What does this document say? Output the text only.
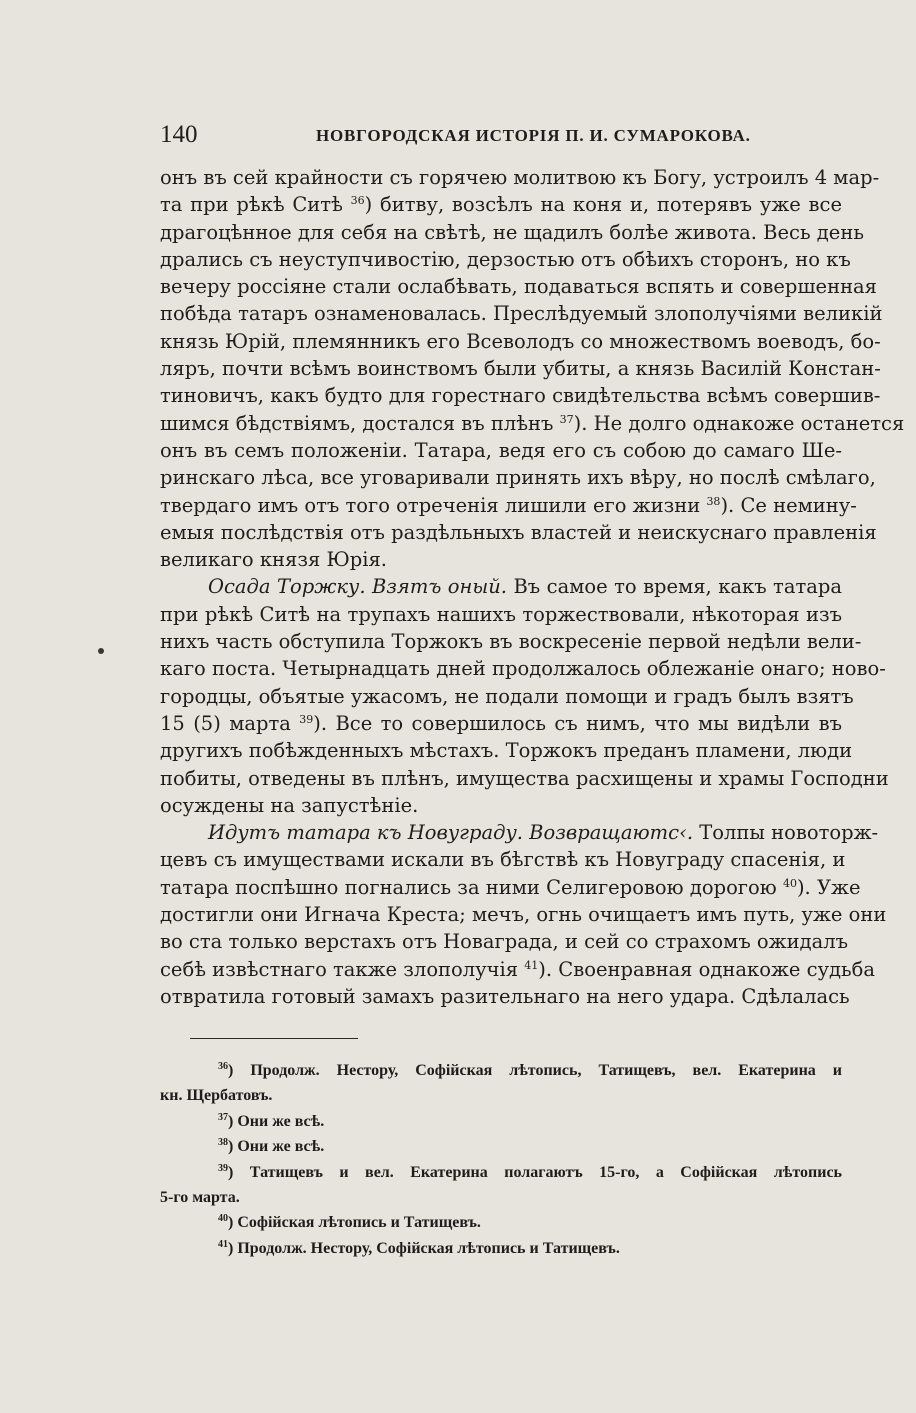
140	НОВГОРОДСКАЯ ИСТОРІЯ П. И. СУМАРОКОВА.
онъ въ сей крайности съ горячею молитвою къ Богу, устроилъ 4 мар-
та при рѣкѣ Ситѣ $^{36}$) битву, возсѣлъ на коня и, потерявъ уже все
драгоцѣнное для себя на свѣтѣ, не щадилъ болѣе живота. Весь день
дрались съ неуступчивостію, дерзостью отъ обѣихъ сторонъ, но къ
вечеру россіяне стали ослабѣвать, подаваться вспять и совершенная
побѣда татаръ ознаменовалась. Преслѣдуемый злополучіями великій
князь Юрій, племянникъ его Всеволодъ со множествомъ воеводъ, бо-
ляръ, почти всѣмъ воинствомъ были убиты, а князь Василій Констан-
тиновичъ, какъ будто для горестнаго свидѣтельства всѣмъ совершив-
шимся бѣдствіямъ, достался въ плѣнъ $^{37}$). Не долго однакоже останется
онъ въ семъ положеніи. Татара, ведя его съ собою до самаго Ше-
ринскаго лѣса, все уговаривали принять ихъ вѣру, но послѣ смѣлаго,
твердаго имъ отъ того отреченія лишили его жизни $^{38}$). Се немину-
емыя послѣдствія отъ раздѣльныхъ властей и неискуснаго правленія
великаго князя Юрія.
Осада Торжку. Взятъ оный. Въ самое то время, какъ татара
при рѣкѣ Ситѣ на трупахъ нашихъ торжествовали, нѣкоторая изъ
нихъ часть обступила Торжокъ въ воскресеніе первой недѣли вели-
каго поста. Четырнадцать дней продолжалось облежаніе онаго; ново-
городцы, объятые ужасомъ, не подали помощи и градъ былъ взятъ
15 (5) марта $^{39}$). Все то совершилось съ нимъ, что мы видѣли въ
другихъ побѣжденныхъ мѣстахъ. Торжокъ преданъ пламени, люди
побиты, отведены въ плѣнъ, имущества расхищены и храмы Господни
осуждены на запустѣніе.
Идутъ татара къ Новуграду. Возвращаютс‹. Толпы новоторж-
цевъ съ имуществами искали въ бѣгствѣ къ Новуграду спасенія, и
татара поспѣшно погнались за ними Селигеровою дорогою $^{40}$). Уже
достигли они Игнача Креста; мечъ, огнь очищаетъ имъ путь, уже они
во ста только верстахъ отъ Новаграда, и сей со страхомъ ожидалъ
себѣ извѣстнаго также злополучія $^{41}$). Своенравная однакоже судьба
отвратила готовый замахъ разительнаго на него удара. Сдѣлалась
$^{36}$) Продолж. Нестору, Софійская лѣтопись, Татищевъ, вел. Екатерина и
кн. Щербатовъ.
$^{37}$) Они же всѣ.
$^{38}$) Они же всѣ.
$^{39}$) Татищевъ и вел. Екатерина полагаютъ 15-го, а Софійская лѣтопись
5-го марта.
$^{40}$) Софійская лѣтопись и Татищевъ.
$^{41}$) Продолж. Нестору, Софійская лѣтопись и Татищевъ.
